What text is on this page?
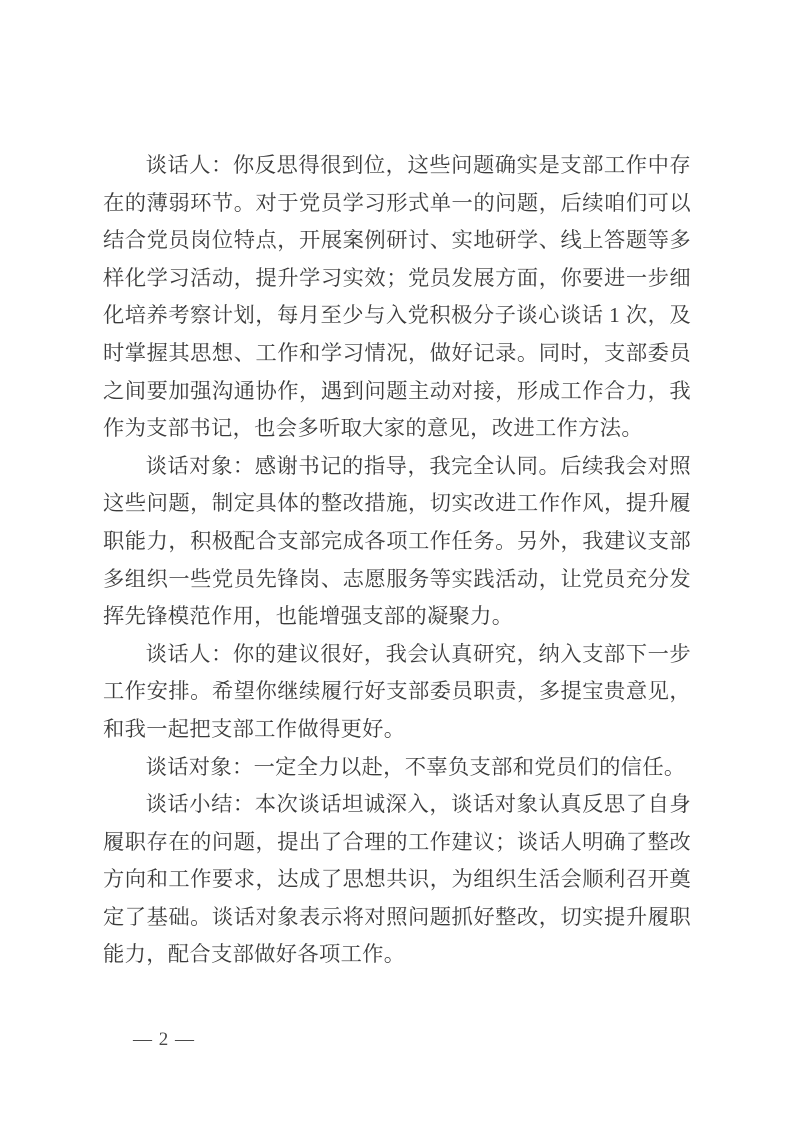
谈话人：你反思得很到位，这些问题确实是支部工作中存在的薄弱环节。对于党员学习形式单一的问题，后续咱们可以结合党员岗位特点，开展案例研讨、实地研学、线上答题等多样化学习活动，提升学习实效；党员发展方面，你要进一步细化培养考察计划，每月至少与入党积极分子谈心谈话 1 次，及时掌握其思想、工作和学习情况，做好记录。同时，支部委员之间要加强沟通协作，遇到问题主动对接，形成工作合力，我作为支部书记，也会多听取大家的意见，改进工作方法。

谈话对象：感谢书记的指导，我完全认同。后续我会对照这些问题，制定具体的整改措施，切实改进工作作风，提升履职能力，积极配合支部完成各项工作任务。另外，我建议支部多组织一些党员先锋岗、志愿服务等实践活动，让党员充分发挥先锋模范作用，也能增强支部的凝聚力。

谈话人：你的建议很好，我会认真研究，纳入支部下一步工作安排。希望你继续履行好支部委员职责，多提宝贵意见，和我一起把支部工作做得更好。

谈话对象：一定全力以赴，不辜负支部和党员们的信任。

谈话小结：本次谈话坦诚深入，谈话对象认真反思了自身履职存在的问题，提出了合理的工作建议；谈话人明确了整改方向和工作要求，达成了思想共识，为组织生活会顺利召开奠定了基础。谈话对象表示将对照问题抓好整改，切实提升履职能力，配合支部做好各项工作。

— 2 —
